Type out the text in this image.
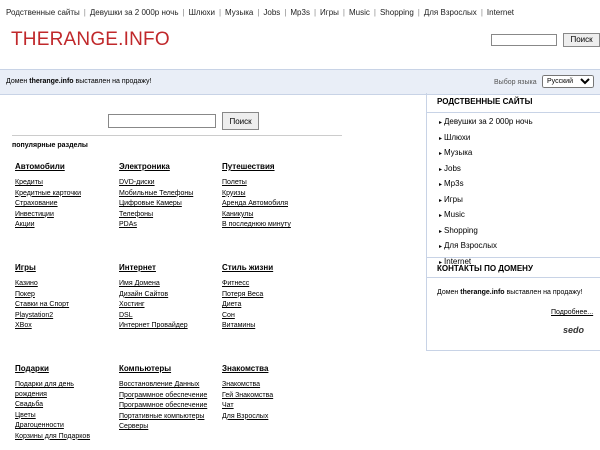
Родственные сайты | Девушки за 2 000р ночь | Шлюхи | Музыка | Jobs | Mp3s | Игры | Music | Shopping | Для Взрослых | Internet
THERANGE.INFO	Поиск
Домен therange.info выставлен на продажу!	Выбор языка
Русский
Поиск
популярные разделы
Автомобили
Кредиты
Кредитные карточки
Страхование
Инвестиции
Акции
Электроника
DVD-диски
Мобильные Телефоны
Цифровые Камеры
Телефоны
PDAs
Путешествия
Полеты
Круизы
Аренда Автомобиля
Каникулы
В последнюю минуту
Игры
Казино
Покер
Ставки на Спорт
Playstation2
XBox
Интернет
Имя Домена
Дизайн Сайтов
Хостинг
DSL
Интернет Провайдер
Стиль жизни
Фитнесс
Потеря Веса
Диета
Сон
Витамины
Подарки
Подарки для день рождения
Свадьба
Цветы
Драгоценности
Корзины для Подарков
Компьютеры
Восстановление Данных
Программное обеспечение
Программное обеспечение
Портативные компьютеры
Серверы
Знакомства
Знакомства
Гей Знакомства
Чат
Для Взрослых
РОДСТВЕННЫЕ САЙТЫ
▸ Девушки за 2 000р ночь
▸ Шлюхи
▸ Музыка
▸ Jobs
▸ Mp3s
▸ Игры
▸ Music
▸ Shopping
▸ Для Взрослых
▸ Internet
КОНТАКТЫ ПО ДОМЕНУ
Домен therange.info выставлен на продажу!
Подробнее...
sedo
